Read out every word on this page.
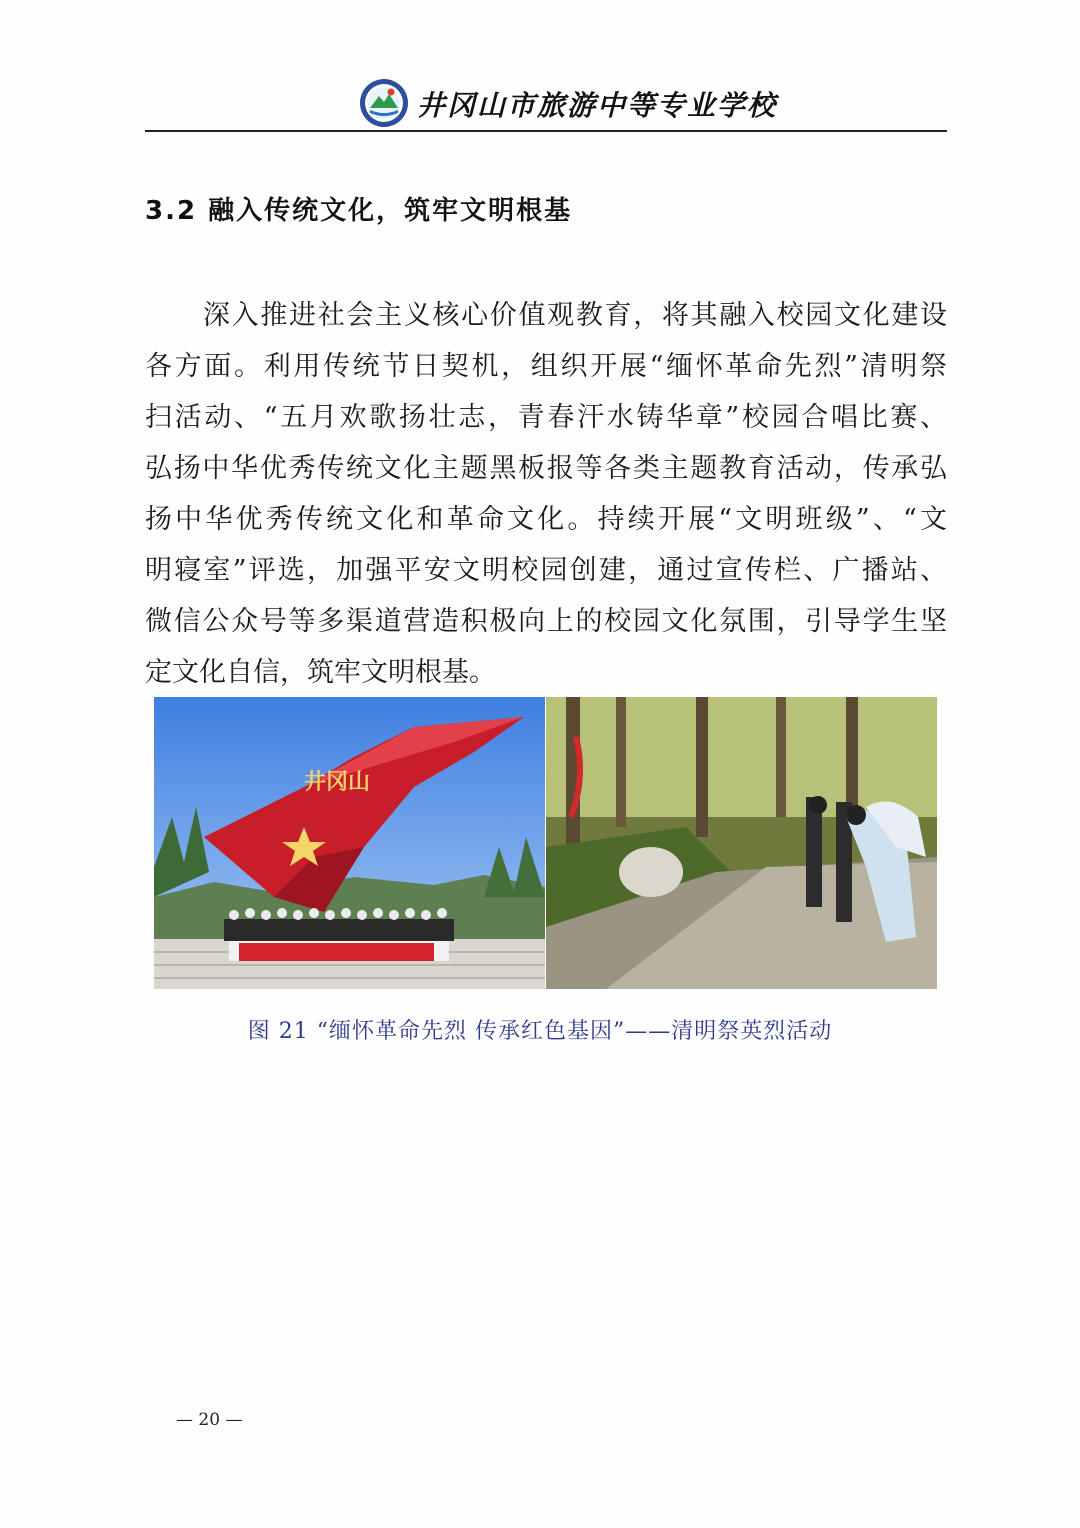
井冈山市旅游中等专业学校
3.2 融入传统文化，筑牢文明根基
深入推进社会主义核心价值观教育，将其融入校园文化建设
各方面。利用传统节日契机，组织开展“缅怀革命先烈”清明祭
扫活动、“五月欢歌扬壮志，青春汗水铸华章”校园合唱比赛、
弘扬中华优秀传统文化主题黑板报等各类主题教育活动，传承弘
扬中华优秀传统文化和革命文化。持续开展“文明班级”、“文
明寝室”评选，加强平安文明校园创建，通过宣传栏、广播站、
微信公众号等多渠道营造积极向上的校园文化氛围，引导学生坚
定文化自信，筑牢文明根基。
井冈山
图 21 “缅怀革命先烈 传承红色基因”——清明祭英烈活动
— 20 —
